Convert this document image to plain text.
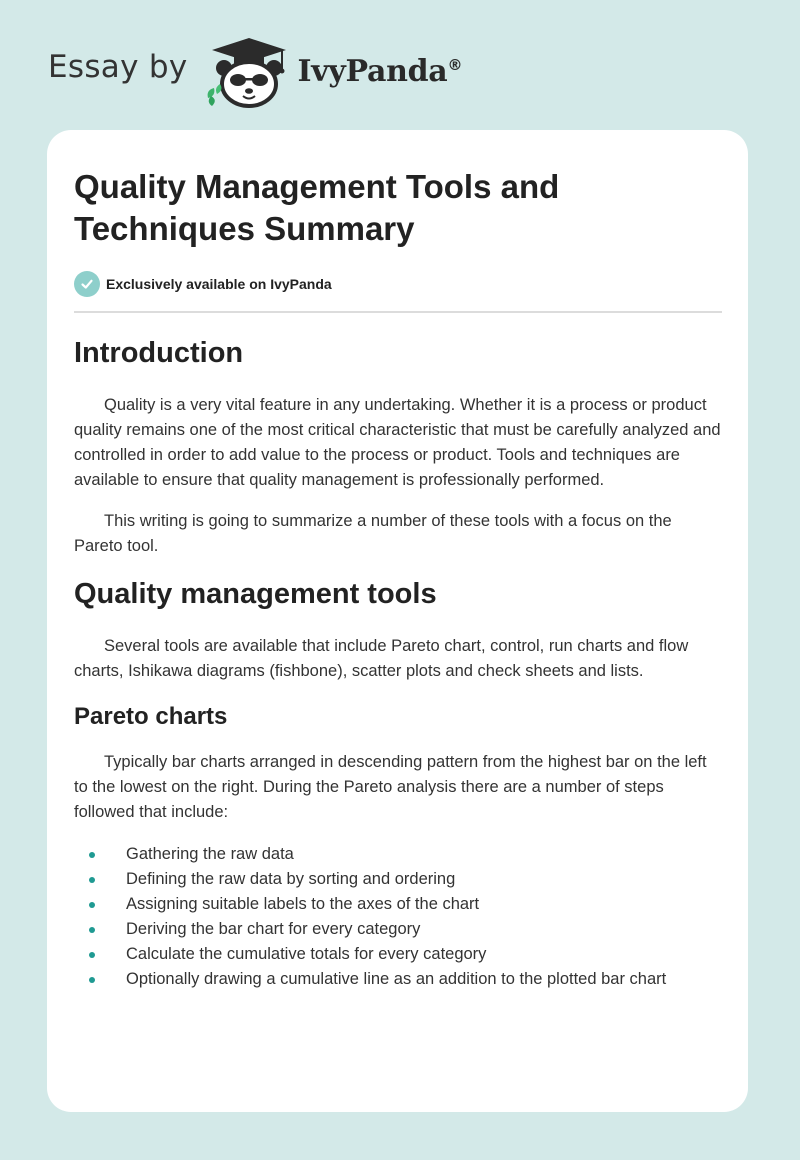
Essay by	IvyPanda®
Quality Management Tools and Techniques Summary
Exclusively available on IvyPanda
Introduction

Quality is a very vital feature in any undertaking. Whether it is a process or product quality remains one of the most critical characteristic that must be carefully analyzed and controlled in order to add value to the process or product. Tools and techniques are available to ensure that quality management is professionally performed.

This writing is going to summarize a number of these tools with a focus on the Pareto tool.

Quality management tools

Several tools are available that include Pareto chart, control, run charts and flow charts, Ishikawa diagrams (fishbone), scatter plots and check sheets and lists.

Pareto charts

Typically bar charts arranged in descending pattern from the highest bar on the left to the lowest on the right. During the Pareto analysis there are a number of steps followed that include:

Gathering the raw data
Defining the raw data by sorting and ordering
Assigning suitable labels to the axes of the chart
Deriving the bar chart for every category
Calculate the cumulative totals for every category
Optionally drawing a cumulative line as an addition to the plotted bar chart
